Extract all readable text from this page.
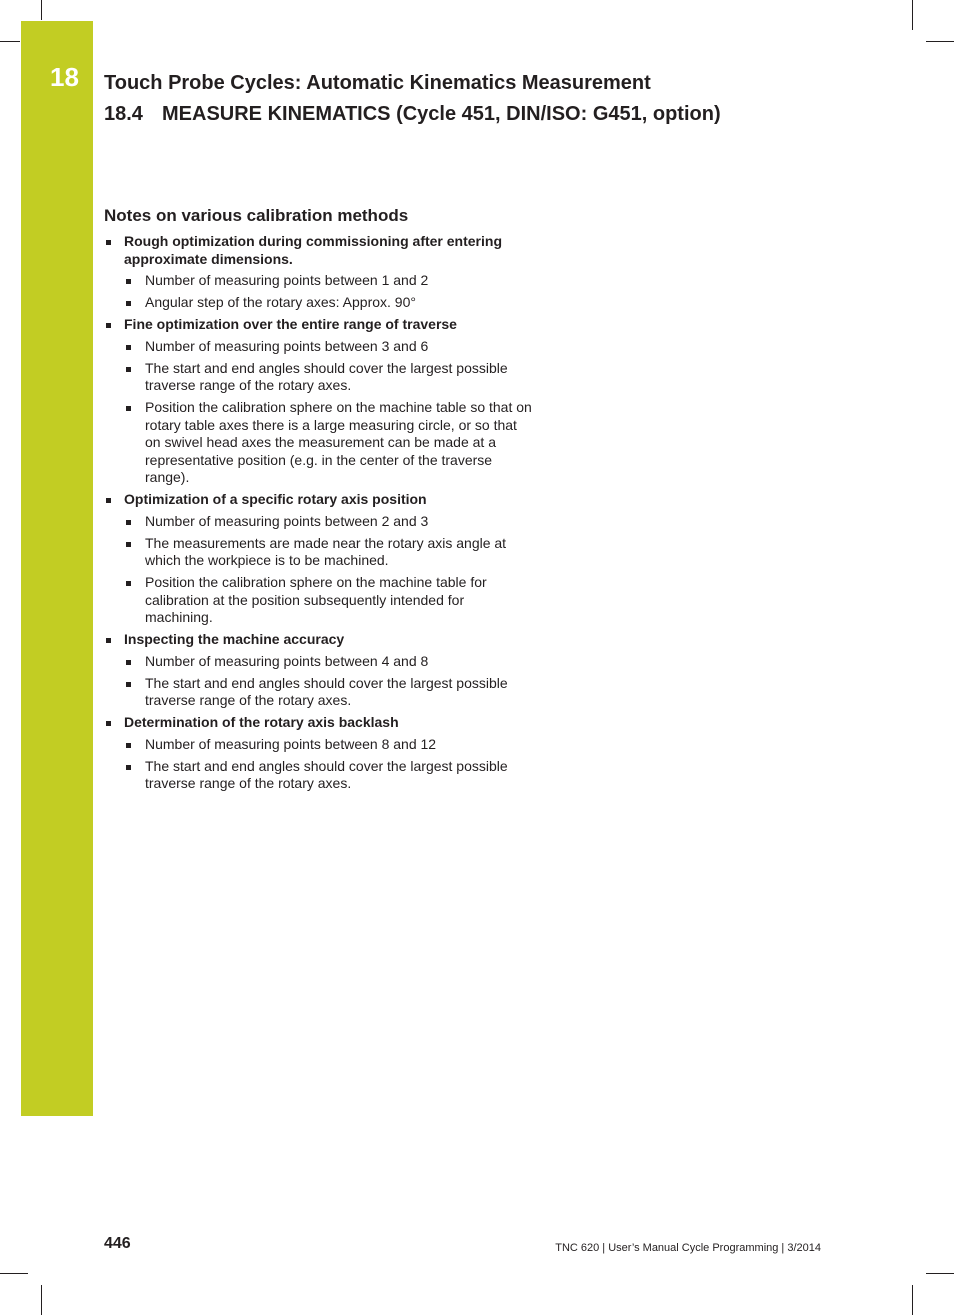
18 Touch Probe Cycles: Automatic Kinematics Measurement
18.4 MEASURE KINEMATICS (Cycle 451, DIN/ISO: G451, option)
Notes on various calibration methods
Rough optimization during commissioning after entering approximate dimensions.
Number of measuring points between 1 and 2
Angular step of the rotary axes: Approx. 90°
Fine optimization over the entire range of traverse
Number of measuring points between 3 and 6
The start and end angles should cover the largest possible traverse range of the rotary axes.
Position the calibration sphere on the machine table so that on rotary table axes there is a large measuring circle, or so that on swivel head axes the measurement can be made at a representative position (e.g. in the center of the traverse range).
Optimization of a specific rotary axis position
Number of measuring points between 2 and 3
The measurements are made near the rotary axis angle at which the workpiece is to be machined.
Position the calibration sphere on the machine table for calibration at the position subsequently intended for machining.
Inspecting the machine accuracy
Number of measuring points between 4 and 8
The start and end angles should cover the largest possible traverse range of the rotary axes.
Determination of the rotary axis backlash
Number of measuring points between 8 and 12
The start and end angles should cover the largest possible traverse range of the rotary axes.
446	TNC 620 | User’s Manual Cycle Programming | 3/2014
